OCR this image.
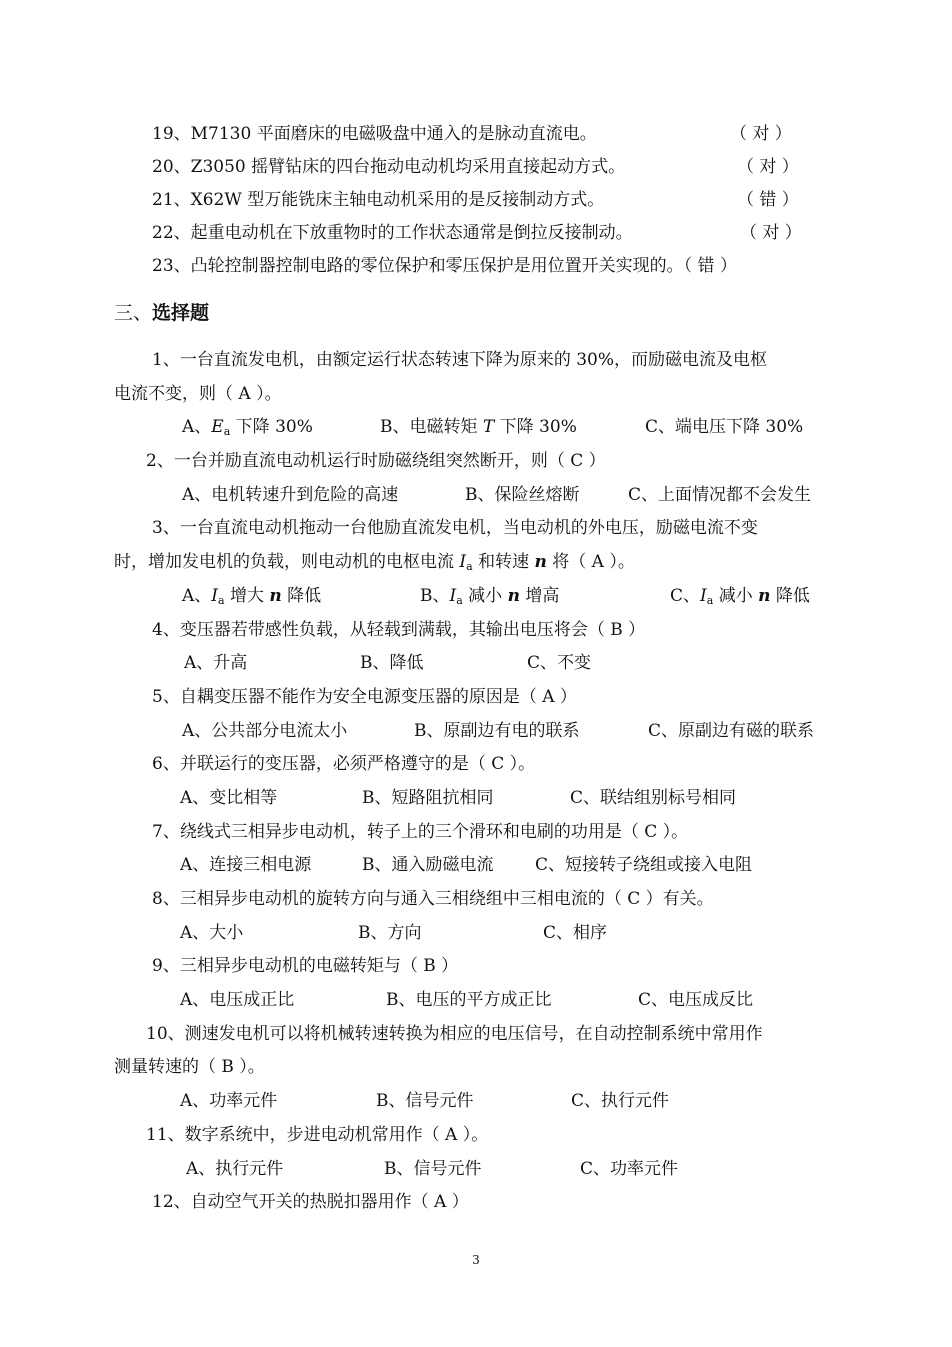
19、M7130 平面磨床的电磁吸盘中通入的是脉动直流电。	（ 对 ）
20、Z3050 摇臂钻床的四台拖动电动机均采用直接起动方式。	（ 对 ）
21、X62W 型万能铣床主轴电动机采用的是反接制动方式。	（ 错 ）
22、起重电动机在下放重物时的工作状态通常是倒拉反接制动。	（ 对 ）
23、凸轮控制器控制电路的零位保护和零压保护是用位置开关实现的。（ 错 ）
三、选择题
1、一台直流发电机，由额定运行状态转速下降为原来的 30%，而励磁电流及电枢
电流不变，则（ A ）。
A、$E_a$ 下降 30%	B、电磁转矩 T 下降 30%	C、端电压下降 30%
2、一台并励直流电动机运行时励磁绕组突然断开，则（ C ）
A、电机转速升到危险的高速	B、保险丝熔断	C、上面情况都不会发生
3、一台直流电动机拖动一台他励直流发电机，当电动机的外电压，励磁电流不变
时，增加发电机的负载，则电动机的电枢电流 $I_a$ 和转速 n 将（ A ）。
A、$I_a$ 增大 n 降低	B、$I_a$ 减小 n 增高	C、$I_a$ 减小 n 降低
4、变压器若带感性负载，从轻载到满载，其输出电压将会（ B ）
A、升高	B、降低	C、不变
5、自耦变压器不能作为安全电源变压器的原因是（ A ）
A、公共部分电流太小	B、原副边有电的联系	C、原副边有磁的联系
6、并联运行的变压器，必须严格遵守的是（ C ）。
A、变比相等	B、短路阻抗相同	C、联结组别标号相同
7、绕线式三相异步电动机，转子上的三个滑环和电刷的功用是（ C ）。
A、连接三相电源	B、通入励磁电流 C、短接转子绕组或接入电阻
8、三相异步电动机的旋转方向与通入三相绕组中三相电流的（ C ）有关。
A、大小	B、方向	C、相序
9、三相异步电动机的电磁转矩与（ B ）
A、电压成正比	B、电压的平方成正比	C、电压成反比
10、测速发电机可以将机械转速转换为相应的电压信号，在自动控制系统中常用作
测量转速的（ B ）。
A、功率元件	B、信号元件	C、执行元件
11、数字系统中，步进电动机常用作（ A ）。
A、执行元件	B、信号元件	C、功率元件
12、自动空气开关的热脱扣器用作（ A ）
3
